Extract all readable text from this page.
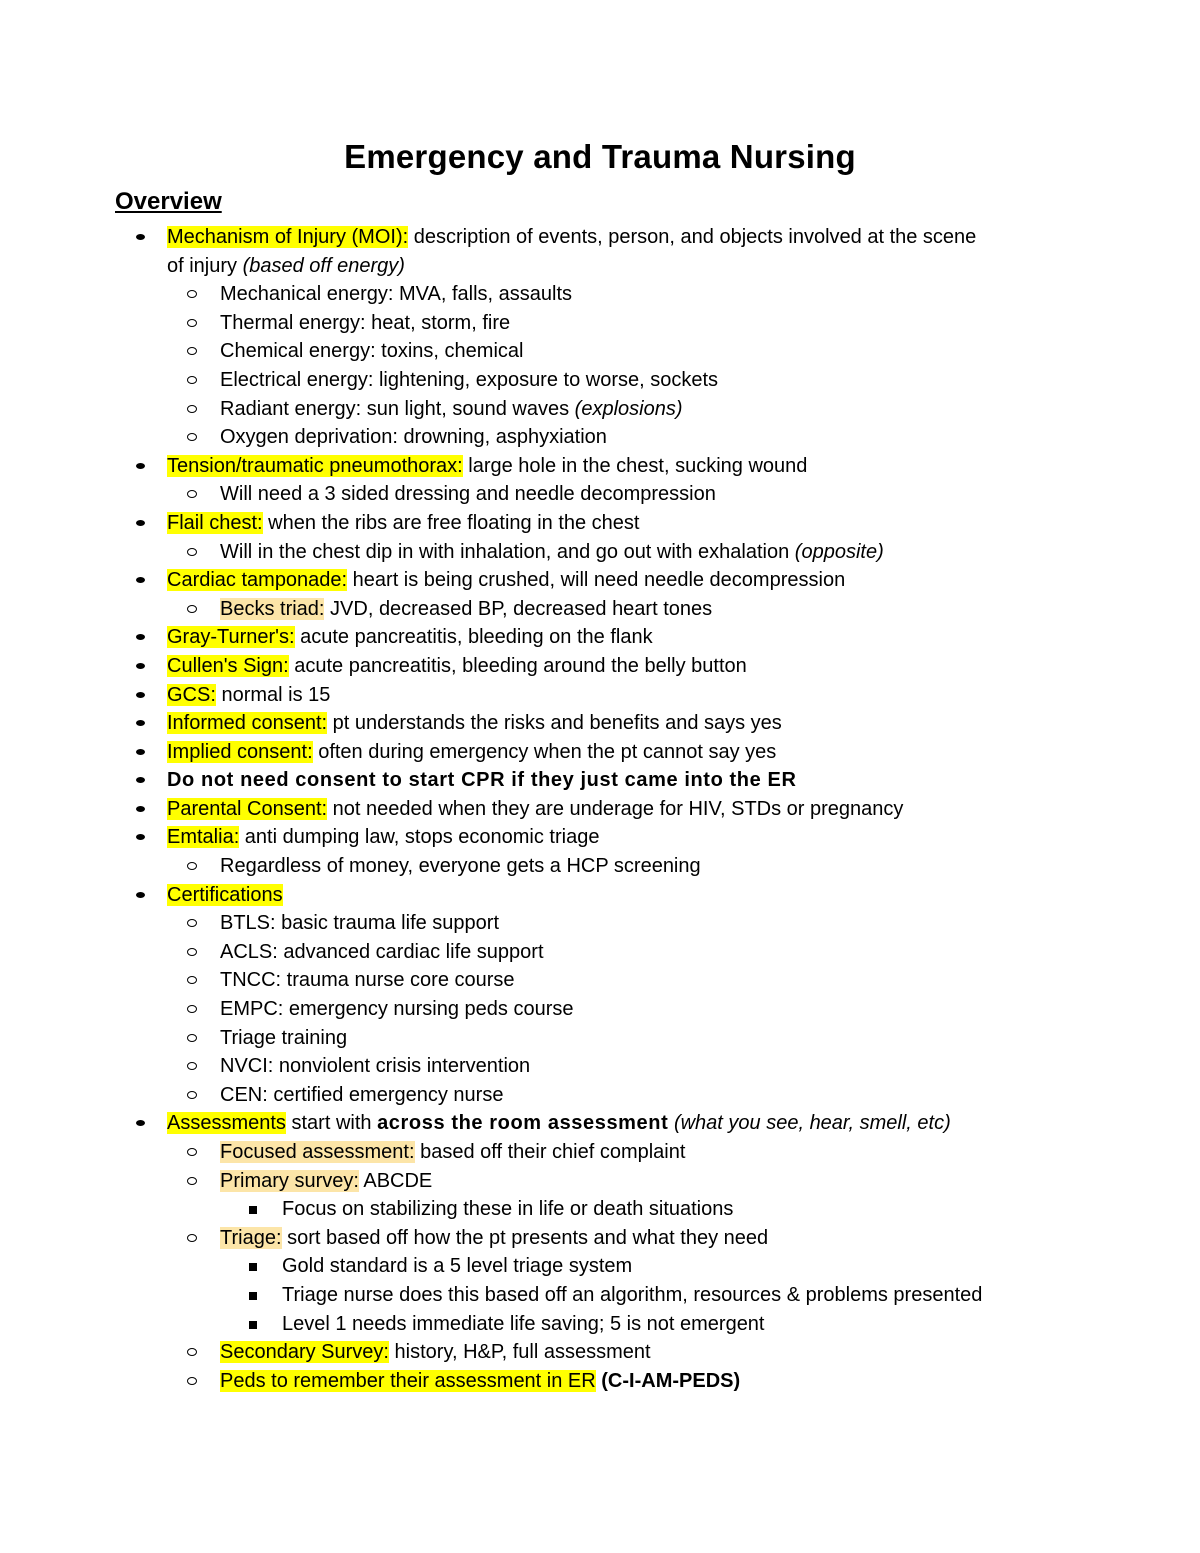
Emergency and Trauma Nursing
Overview
Mechanism of Injury (MOI): description of events, person, and objects involved at the scene
of injury (based off energy)
Mechanical energy: MVA, falls, assaults
Thermal energy: heat, storm, fire
Chemical energy: toxins, chemical
Electrical energy: lightening, exposure to worse, sockets
Radiant energy: sun light, sound waves (explosions)
Oxygen deprivation: drowning, asphyxiation
Tension/traumatic pneumothorax: large hole in the chest, sucking wound
Will need a 3 sided dressing and needle decompression
Flail chest: when the ribs are free floating in the chest
Will in the chest dip in with inhalation, and go out with exhalation (opposite)
Cardiac tamponade: heart is being crushed, will need needle decompression
Becks triad: JVD, decreased BP, decreased heart tones
Gray-Turner's: acute pancreatitis, bleeding on the flank
Cullen's Sign: acute pancreatitis, bleeding around the belly button
GCS: normal is 15
Informed consent: pt understands the risks and benefits and says yes
Implied consent: often during emergency when the pt cannot say yes
Do not need consent to start CPR if they just came into the ER
Parental Consent: not needed when they are underage for HIV, STDs or pregnancy
Emtalia: anti dumping law, stops economic triage
Regardless of money, everyone gets a HCP screening
Certifications
BTLS: basic trauma life support
ACLS: advanced cardiac life support
TNCC: trauma nurse core course
EMPC: emergency nursing peds course
Triage training
NVCI: nonviolent crisis intervention
CEN: certified emergency nurse
Assessments start with across the room assessment (what you see, hear, smell, etc)
Focused assessment: based off their chief complaint
Primary survey: ABCDE
Focus on stabilizing these in life or death situations
Triage: sort based off how the pt presents and what they need
Gold standard is a 5 level triage system
Triage nurse does this based off an algorithm, resources & problems presented
Level 1 needs immediate life saving; 5 is not emergent
Secondary Survey: history, H&P, full assessment
Peds to remember their assessment in ER (C-I-AM-PEDS)
